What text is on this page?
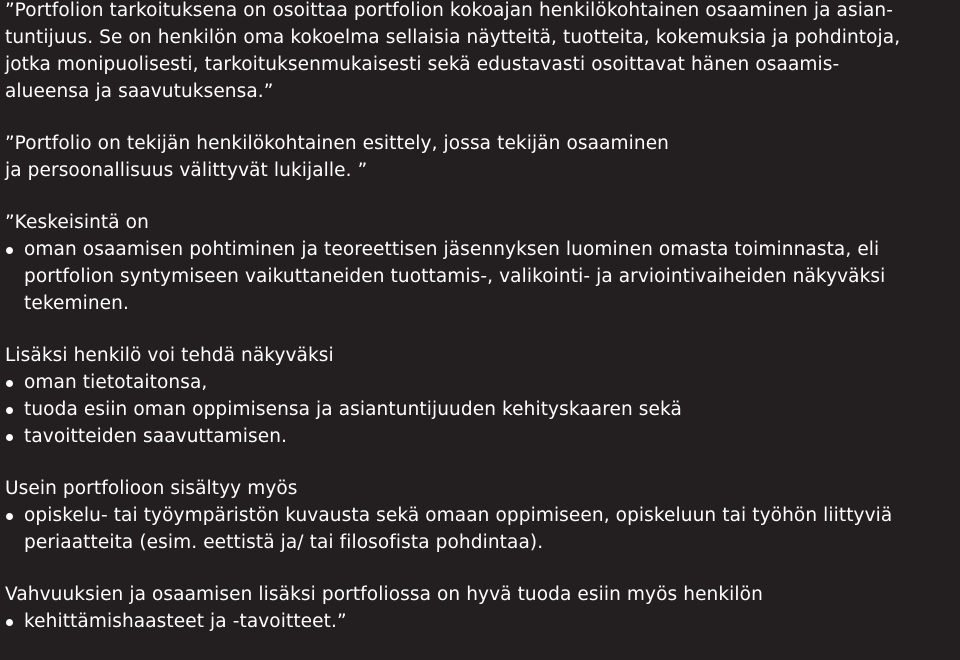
”Portfolion tarkoituksena on osoittaa portfolion kokoajan henkilökohtainen osaaminen ja asian-
tuntijuus. Se on henkilön oma kokoelma sellaisia näytteitä, tuotteita, kokemuksia ja pohdintoja,
jotka monipuolisesti, tarkoituksenmukaisesti sekä edustavasti osoittavat hänen osaamis-
alueensa ja saavutuksensa.”
”Portfolio on tekijän henkilökohtainen esittely, jossa tekijän osaaminen
ja persoonallisuus välittyvät lukijalle. ”
”Keskeisintä on
oman osaamisen pohtiminen ja teoreettisen jäsennyksen luominen omasta toiminnasta, eli
portfolion syntymiseen vaikuttaneiden tuottamis-, valikointi- ja arviointivaiheiden näkyväksi
tekeminen.
Lisäksi henkilö voi tehdä näkyväksi
oman tietotaitonsa,
tuoda esiin oman oppimisensa ja asiantuntijuuden kehityskaaren sekä
tavoitteiden saavuttamisen.
Usein portfolioon sisältyy myös
opiskelu- tai työympäristön kuvausta sekä omaan oppimiseen, opiskeluun tai työhön liittyviä
periaatteita (esim. eettistä ja/ tai filosofista pohdintaa).
Vahvuuksien ja osaamisen lisäksi portfoliossa on hyvä tuoda esiin myös henkilön
kehittämishaasteet ja -tavoitteet.”
